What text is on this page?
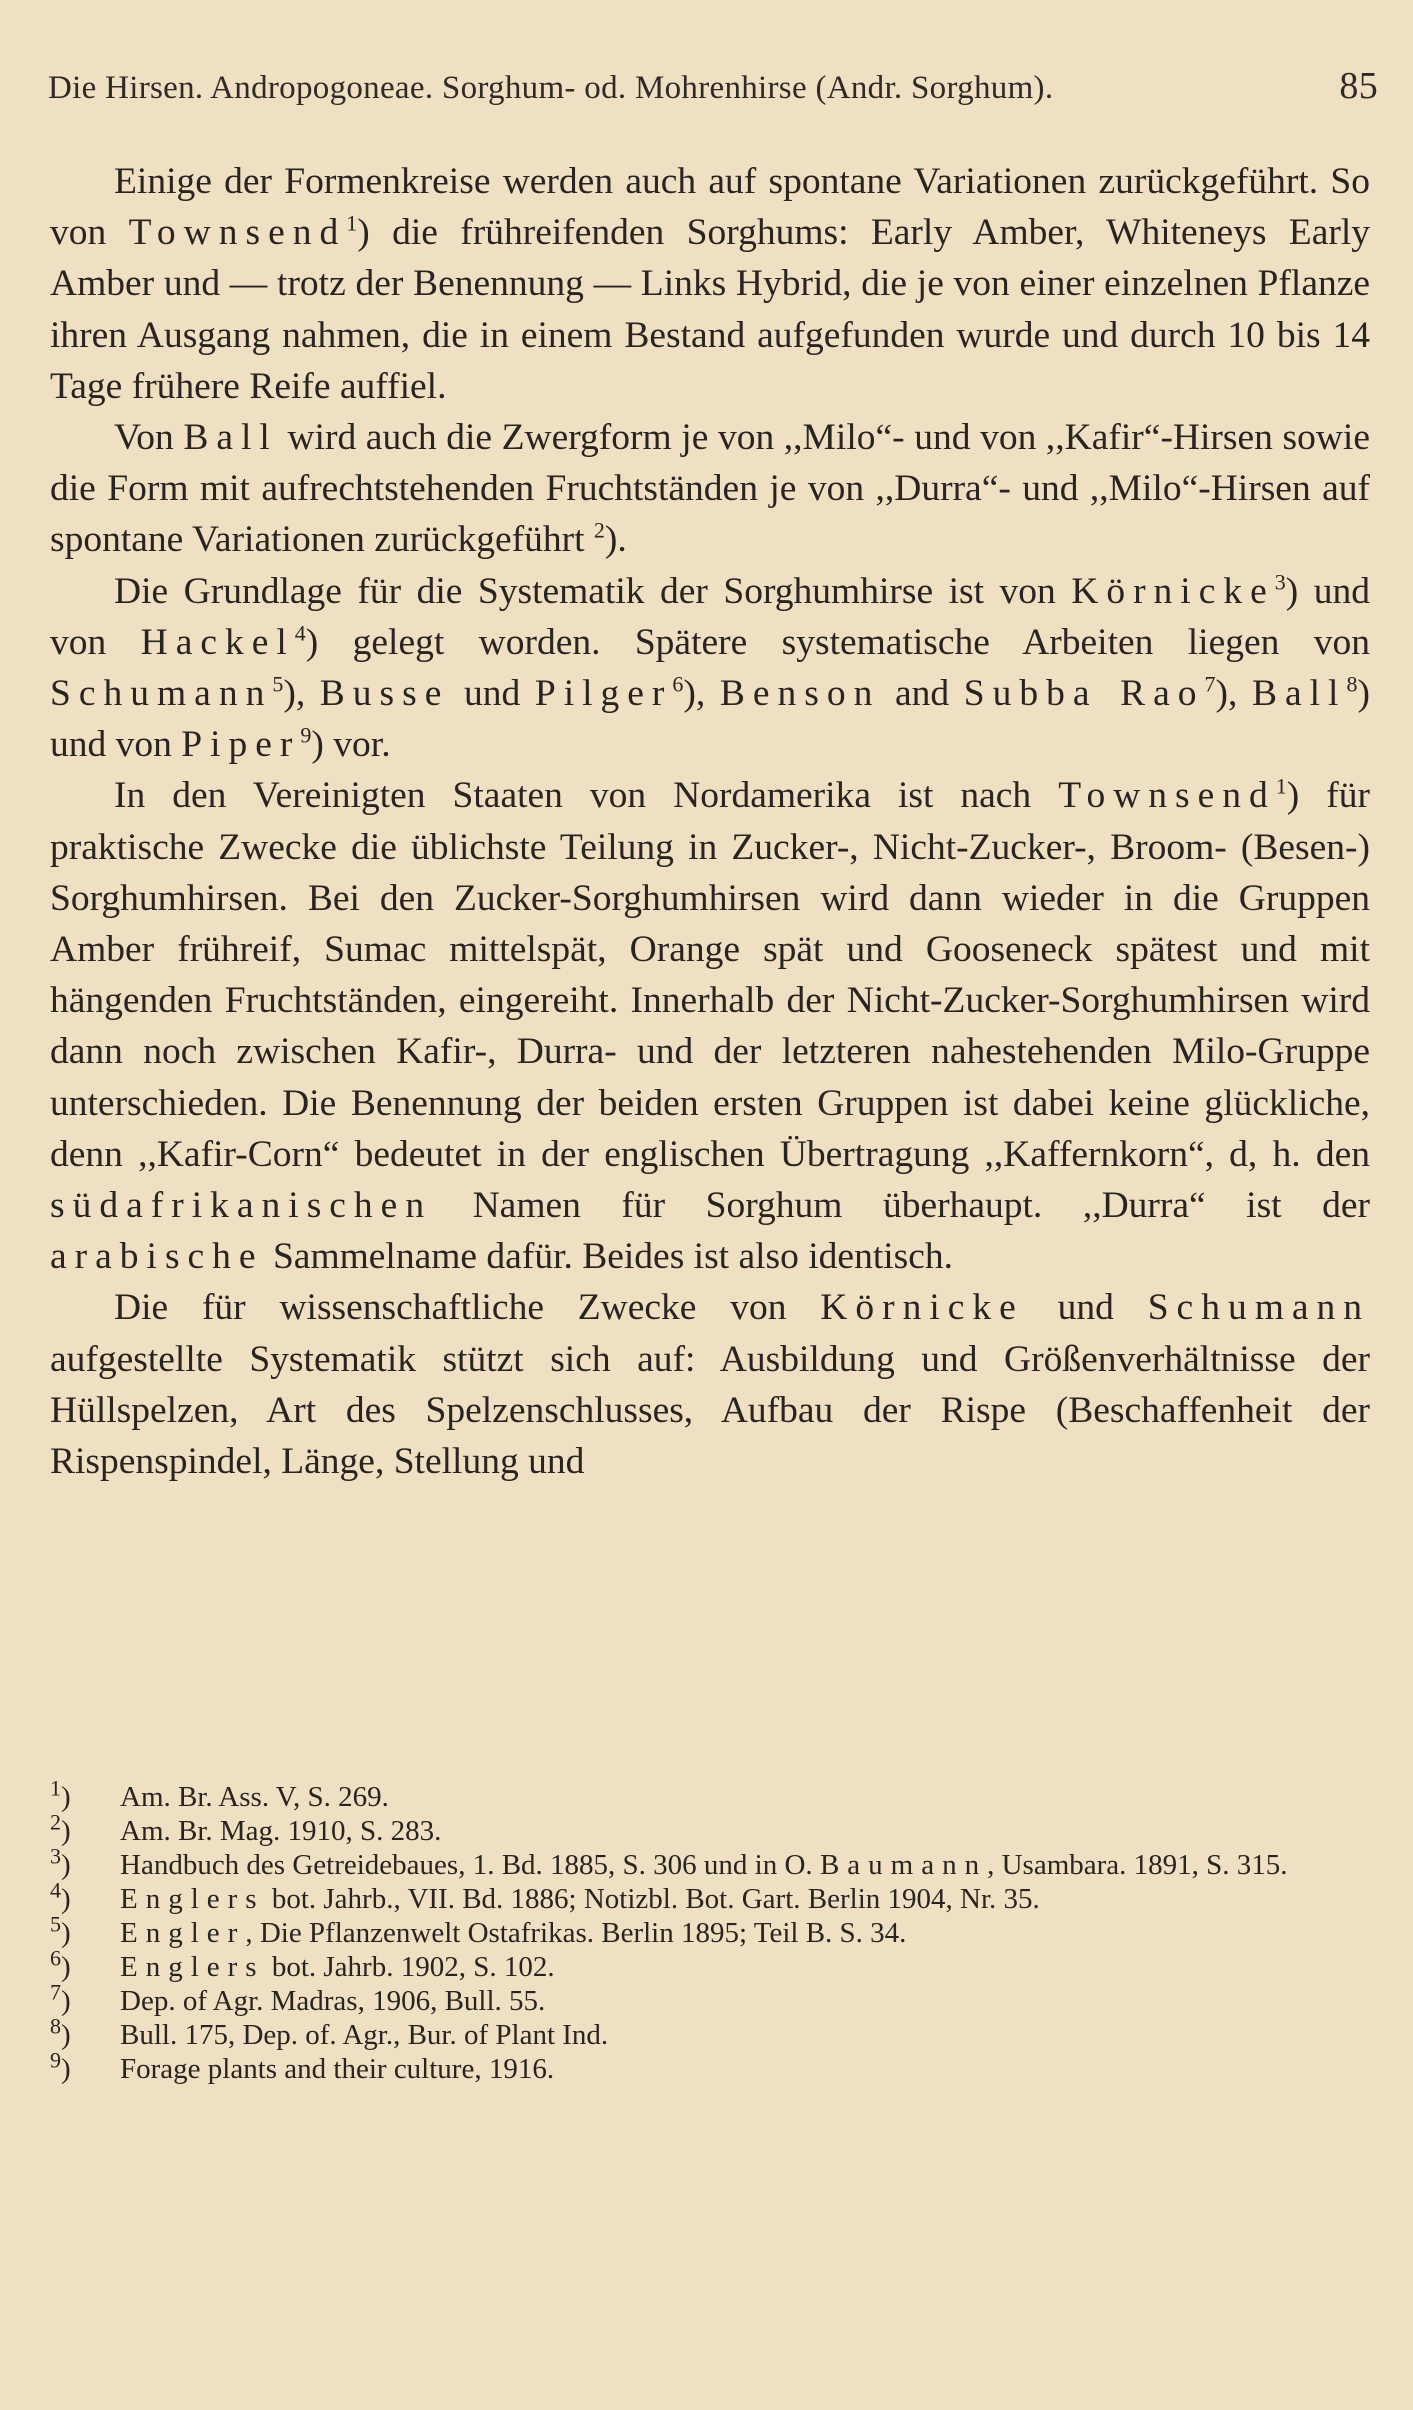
Die Hirsen. Andropogoneae. Sorghum- od. Mohrenhirse (Andr. Sorghum).	85

Einige der Formenkreise werden auch auf spontane Variationen zurückgeführt. So von Townsend$^1$) die frühreifenden Sorghums: Early Amber, Whiteneys Early Amber und — trotz der Benennung — Links Hybrid, die je von einer einzelnen Pflanze ihren Ausgang nahmen, die in einem Bestand aufgefunden wurde und durch 10 bis 14 Tage frühere Reife auffiel.

Von Ball wird auch die Zwergform je von ,,Milo“- und von ,,Kafir“-Hirsen sowie die Form mit aufrechtstehenden Fruchtständen je von ,,Durra“- und ,,Milo“-Hirsen auf spontane Variationen zurückgeführt $^2$).

Die Grundlage für die Systematik der Sorghumhirse ist von Körnicke$^3$) und von Hackel$^4$) gelegt worden. Spätere systematische Arbeiten liegen von Schumann$^5$), Busse und Pilger$^6$), Benson and Subba Rao$^7$), Ball$^8$) und von Piper$^9$) vor.

In den Vereinigten Staaten von Nordamerika ist nach Townsend$^1$) für praktische Zwecke die üblichste Teilung in Zucker-, Nicht-Zucker-, Broom- (Besen-) Sorghumhirsen. Bei den Zucker-Sorghumhirsen wird dann wieder in die Gruppen Amber frühreif, Sumac mittelspät, Orange spät und Gooseneck spätest und mit hängenden Fruchtständen, eingereiht. Innerhalb der Nicht-Zucker-Sorghumhirsen wird dann noch zwischen Kafir-, Durra- und der letzteren nahestehenden Milo-Gruppe unterschieden. Die Benennung der beiden ersten Gruppen ist dabei keine glückliche, denn ,,Kafir-Corn“ bedeutet in der englischen Übertragung ,,Kaffernkorn“, d, h. den südafrikanischen Namen für Sorghum überhaupt. ,,Durra“ ist der arabische Sammelname dafür. Beides ist also identisch.

Die für wissenschaftliche Zwecke von Körnicke und Schumann aufgestellte Systematik stützt sich auf: Ausbildung und Größenverhältnisse der Hüllspelzen, Art des Spelzenschlusses, Aufbau der Rispe (Beschaffenheit der Rispenspindel, Länge, Stellung und

$^1$) Am. Br. Ass. V, S. 269.

$^2$) Am. Br. Mag. 1910, S. 283.

$^3$) Handbuch des Getreidebaues, 1. Bd. 1885, S. 306 und in O. Baumann, Usambara. 1891, S. 315.

$^4$) Englers bot. Jahrb., VII. Bd. 1886; Notizbl. Bot. Gart. Berlin 1904, Nr. 35.

$^5$) Engler, Die Pflanzenwelt Ostafrikas. Berlin 1895; Teil B. S. 34.

$^6$) Englers bot. Jahrb. 1902, S. 102.

$^7$) Dep. of Agr. Madras, 1906, Bull. 55.

$^8$) Bull. 175, Dep. of. Agr., Bur. of Plant Ind.

$^9$) Forage plants and their culture, 1916.
